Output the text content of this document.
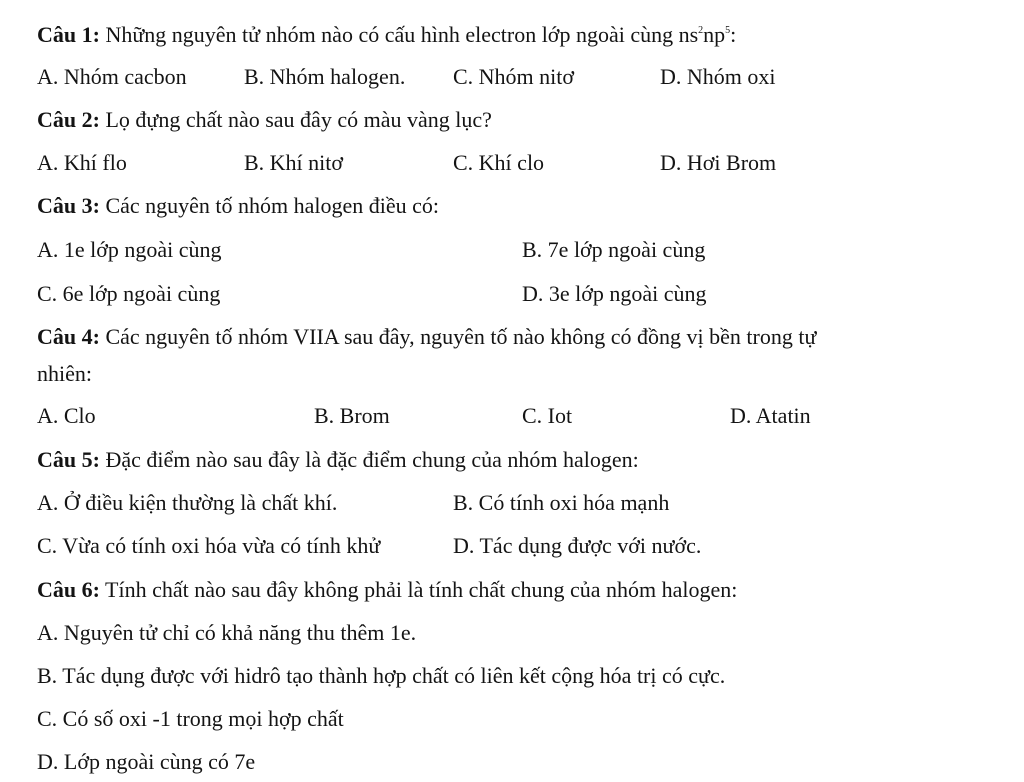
Câu 1: Những nguyên tử nhóm nào có cấu hình electron lớp ngoài cùng $ns^2np^5$:
A. Nhóm cacbon	B. Nhóm halogen. C. Nhóm nitơ	D. Nhóm oxi
Câu 2: Lọ đựng chất nào sau đây có màu vàng lục?
A. Khí flo	B. Khí nitơ	C. Khí clo	D. Hơi Brom
Câu 3: Các nguyên tố nhóm halogen điều có:
A. 1e lớp ngoài cùng	B. 7e lớp ngoài cùng
C. 6e lớp ngoài cùng	D. 3e lớp ngoài cùng
Câu 4: Các nguyên tố nhóm VIIA sau đây, nguyên tố nào không có đồng vị bền trong tự
nhiên:
A. Clo	B. Brom	C. Iot	D. Atatin
Câu 5: Đặc điểm nào sau đây là đặc điểm chung của nhóm halogen:
A. Ở điều kiện thường là chất khí.	B. Có tính oxi hóa mạnh
C. Vừa có tính oxi hóa vừa có tính khử	D. Tác dụng được với nước.
Câu 6: Tính chất nào sau đây không phải là tính chất chung của nhóm halogen:
A. Nguyên tử chỉ có khả năng thu thêm 1e.
B. Tác dụng được với hidrô tạo thành hợp chất có liên kết cộng hóa trị có cực.
C. Có số oxi -1 trong mọi hợp chất
D. Lớp ngoài cùng có 7e
